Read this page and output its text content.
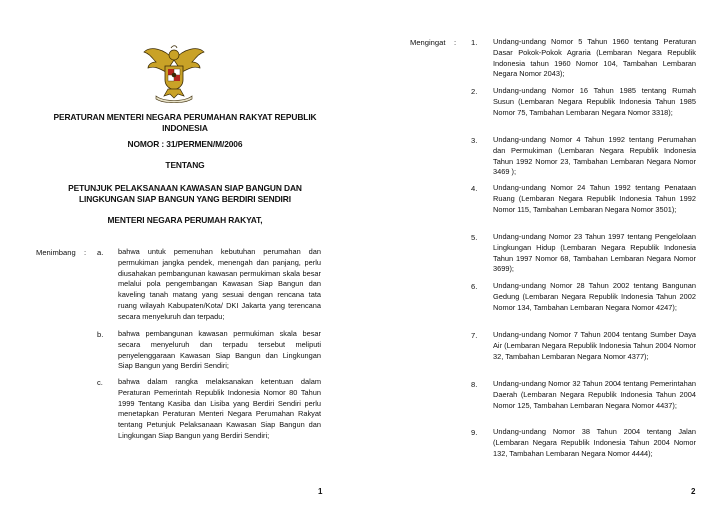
PERATURAN MENTERI NEGARA PERUMAHAN RAKYAT REPUBLIK INDONESIA
NOMOR : 31/PERMEN/M/2006
TENTANG
PETUNJUK PELAKSANAAN KAWASAN SIAP BANGUN DAN LINGKUNGAN SIAP BANGUN YANG BERDIRI SENDIRI
MENTERI NEGARA PERUMAH RAKYAT,
Menimbang : a. bahwa untuk pemenuhan kebutuhan perumahan dan permukiman jangka pendek, menengah dan panjang, perlu diusahakan pembangunan kawasan permukiman skala besar melalui pola pengembangan Kawasan Siap Bangun dan kaveling tanah matang yang sesuai dengan rencana tata ruang wilayah Kabupaten/Kota/ DKI Jakarta yang terencana secara menyeluruh dan terpadu;
b. bahwa pembangunan kawasan permukiman skala besar secara menyeluruh dan terpadu tersebut meliputi penyelenggaraan Kawasan Siap Bangun dan Lingkungan Siap Bangun yang Berdiri Sendiri;
c. bahwa dalam rangka melaksanakan ketentuan dalam Peraturan Pemerintah Republik Indonesia Nomor 80 Tahun 1999 Tentang Kasiba dan Lisiba yang Berdiri Sendiri perlu menetapkan Peraturan Menteri Negara Perumahan Rakyat tentang Petunjuk Pelaksanaan Kawasan Siap Bangun dan Lingkungan Siap Bangun yang Berdiri Sendiri;
1
Mengingat : 1. Undang-undang Nomor 5 Tahun 1960 tentang Peraturan Dasar Pokok-Pokok Agraria (Lembaran Negara Republik Indonesia tahun 1960 Nomor 104, Tambahan Lembaran Negara Nomor 2043);
2. Undang-undang Nomor 16 Tahun 1985 tentang Rumah Susun (Lembaran Negara Republik Indonesia Tahun 1985 Nomor 75, Tambahan Lembaran Negara Nomor 3318);
3. Undang-undang Nomor 4 Tahun 1992 tentang Perumahan dan Permukiman (Lembaran Negara Republik Indonesia Tahun 1992 Nomor 23, Tambahan Lembaran Negara Nomor 3469 );
4. Undang-undang Nomor 24 Tahun 1992 tentang Penataan Ruang (Lembaran Negara Republik Indonesia Tahun 1992 Nomor 115, Tambahan Lembaran Negara Nomor 3501);
5. Undang-undang Nomor 23 Tahun 1997 tentang Pengelolaan Lingkungan Hidup (Lembaran Negara Republik Indonesia Tahun 1997 Nomor 68, Tambahan Lembaran Negara Nomor 3699);
6. Undang-undang Nomor 28 Tahun 2002 tentang Bangunan Gedung (Lembaran Negara Republik Indonesia Tahun 2002 Nomor 134, Tambahan Lembaran Negara Nomor 4247);
7. Undang-undang Nomor 7 Tahun 2004 tentang Sumber Daya Air (Lembaran Negara Republik Indonesia Tahun 2004 Nomor 32, Tambahan Lembaran Negara Nomor 4377);
8. Undang-undang Nomor 32 Tahun 2004 tentang Pemerintahan Daerah (Lembaran Negara Republik Indonesia Tahun 2004 Nomor 125, Tambahan Lembaran Negara Nomor 4437);
9. Undang-undang Nomor 38 Tahun 2004 tentang Jalan (Lembaran Negara Republik Indonesia Tahun 2004 Nomor 132, Tambahan Lembaran Negara Nomor 4444);
2
